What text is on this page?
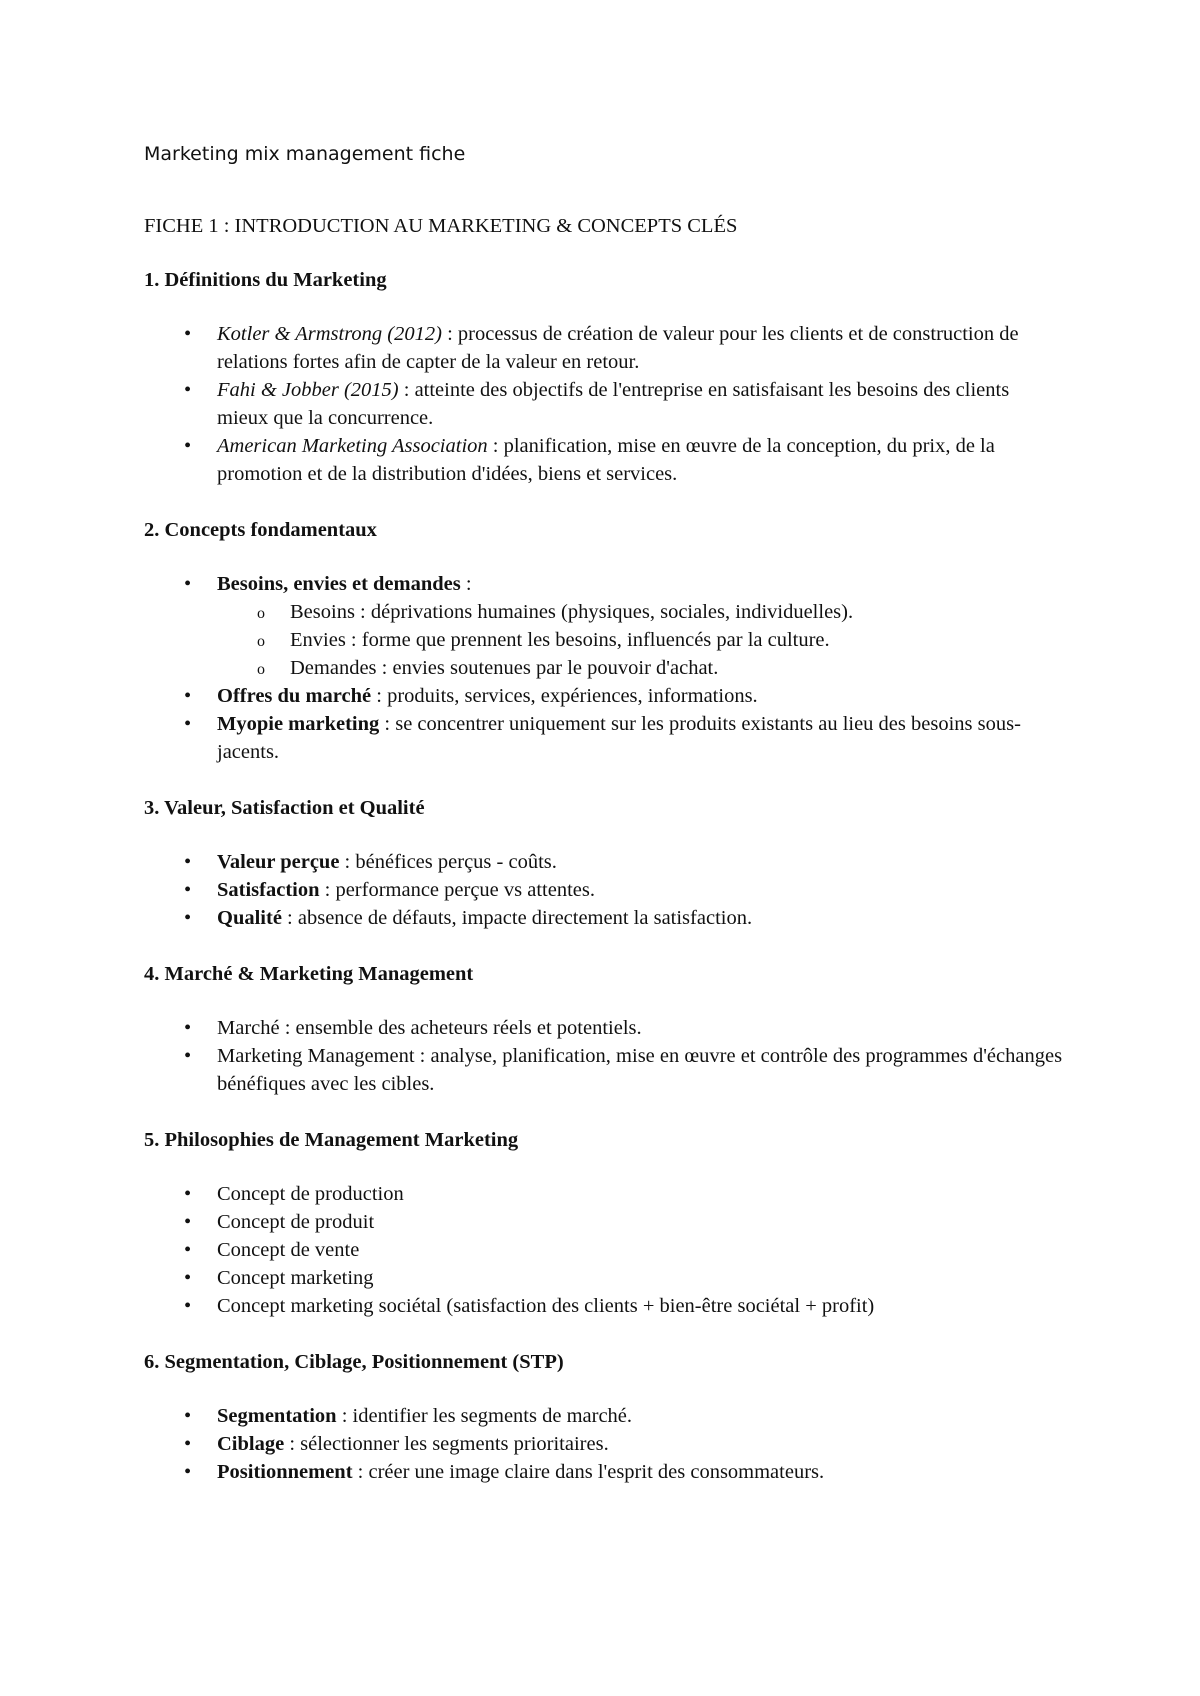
Marketing mix management fiche
FICHE 1 : INTRODUCTION AU MARKETING & CONCEPTS CLÉS
1. Définitions du Marketing
• Kotler & Armstrong (2012) : processus de création de valeur pour les clients et de construction de relations fortes afin de capter de la valeur en retour.
• Fahi & Jobber (2015) : atteinte des objectifs de l'entreprise en satisfaisant les besoins des clients mieux que la concurrence.
• American Marketing Association : planification, mise en œuvre de la conception, du prix, de la promotion et de la distribution d'idées, biens et services.
2. Concepts fondamentaux
• Besoins, envies et demandes :
o Besoins : déprivations humaines (physiques, sociales, individuelles).
o Envies : forme que prennent les besoins, influencés par la culture.
o Demandes : envies soutenues par le pouvoir d'achat.
• Offres du marché : produits, services, expériences, informations.
• Myopie marketing : se concentrer uniquement sur les produits existants au lieu des besoins sous-jacents.
3. Valeur, Satisfaction et Qualité
• Valeur perçue : bénéfices perçus - coûts.
• Satisfaction : performance perçue vs attentes.
• Qualité : absence de défauts, impacte directement la satisfaction.
4. Marché & Marketing Management
• Marché : ensemble des acheteurs réels et potentiels.
• Marketing Management : analyse, planification, mise en œuvre et contrôle des programmes d'échanges bénéfiques avec les cibles.
5. Philosophies de Management Marketing
• Concept de production
• Concept de produit
• Concept de vente
• Concept marketing
• Concept marketing sociétal (satisfaction des clients + bien-être sociétal + profit)
6. Segmentation, Ciblage, Positionnement (STP)
• Segmentation : identifier les segments de marché.
• Ciblage : sélectionner les segments prioritaires.
• Positionnement : créer une image claire dans l'esprit des consommateurs.
